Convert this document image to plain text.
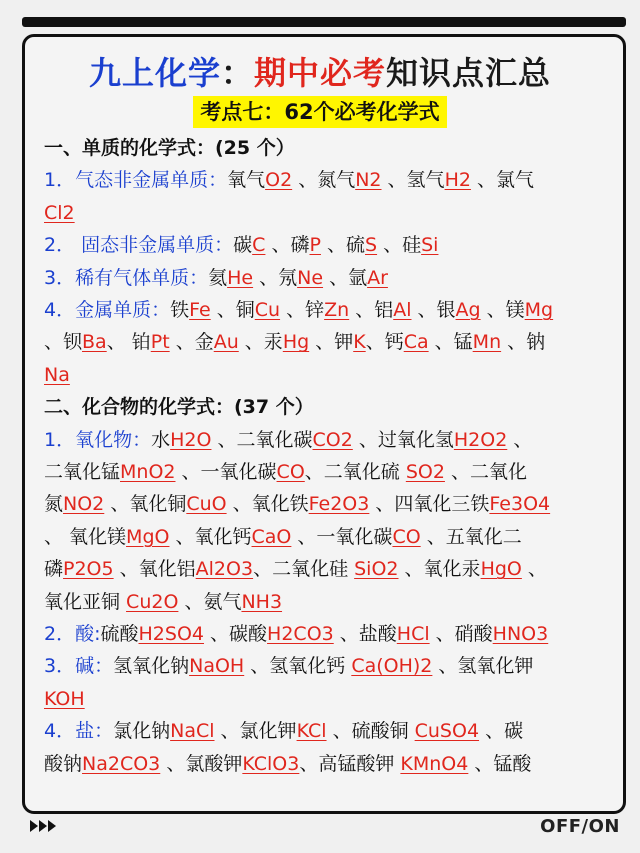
九上化学：期中必考知识点汇总
考点七：62个必考化学式
一、单质的化学式：(25 个）
1．气态非金属单质：氧气O2 、氮气N2 、氢气H2 、氯气
Cl2
2． 固态非金属单质：碳C 、磷P 、硫S 、硅Si
3．稀有气体单质：氦He 、氖Ne 、氩Ar
4．金属单质：铁Fe 、铜Cu 、锌Zn 、铝Al 、银Ag 、镁Mg
、钡Ba、 铂Pt 、金Au 、汞Hg 、钾K、钙Ca 、锰Mn 、钠
Na
二、化合物的化学式：(37 个）
1．氧化物：水H2O 、二氧化碳CO2 、过氧化氢H2O2 、
二氧化锰MnO2 、一氧化碳CO、二氧化硫 SO2 、二氧化
氮NO2 、氧化铜CuO 、氧化铁Fe2O3 、四氧化三铁Fe3O4
、 氧化镁MgO 、氧化钙CaO 、一氧化碳CO 、五氧化二
磷P2O5 、氧化铝Al2O3、二氧化硅 SiO2 、氧化汞HgO 、
氧化亚铜 Cu2O 、氨气NH3
2．酸:硫酸H2SO4 、碳酸H2CO3 、盐酸HCl 、硝酸HNO3
3．碱：氢氧化钠NaOH 、氢氧化钙 Ca(OH)2 、氢氧化钾
KOH
4．盐：氯化钠NaCl 、氯化钾KCl 、硫酸铜 CuSO4 、碳
酸钠Na2CO3 、氯酸钾KClO3、高锰酸钾 KMnO4 、锰酸
OFF/ON
